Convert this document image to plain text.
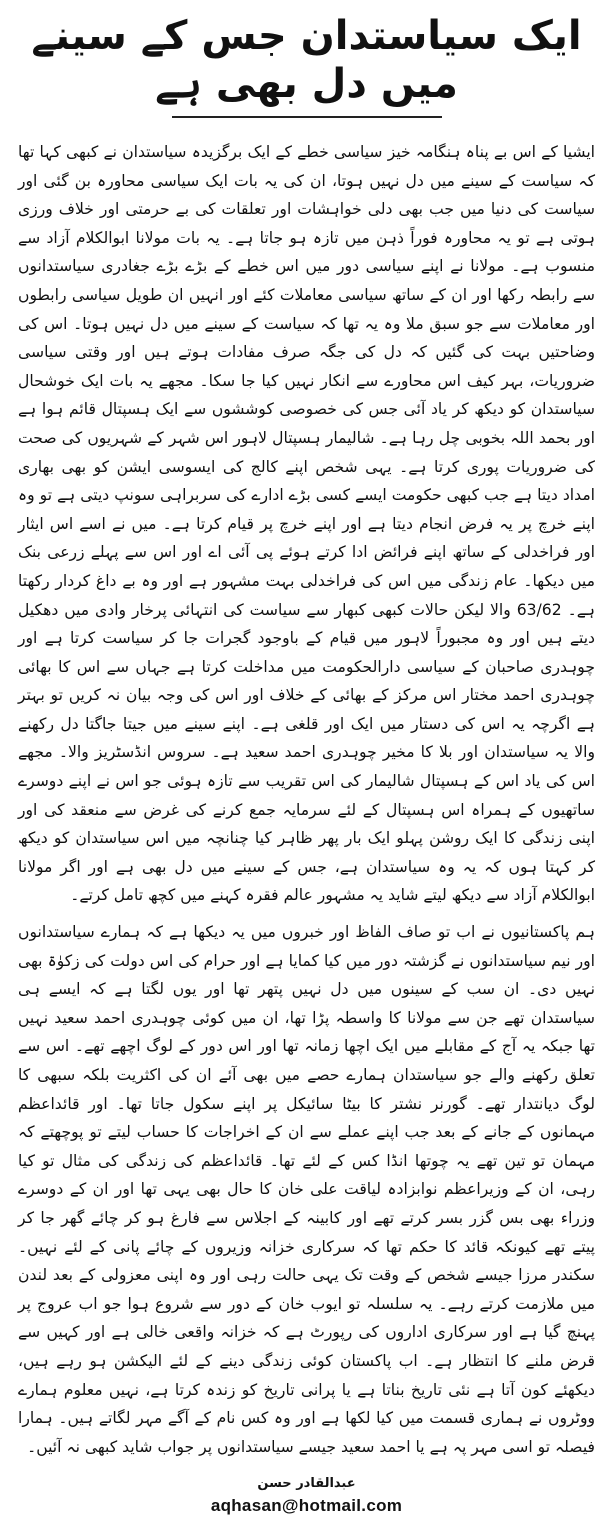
ایک سیاستدان جس کے سینے میں دل بھی ہے

ایشیا کے اس بے پناہ ہنگامہ خیز سیاسی خطے کے ایک برگزیدہ سیاستدان نے کبھی کہا تھا کہ سیاست کے سینے میں دل نہیں ہوتا، ان کی یہ بات ایک سیاسی محاورہ بن گئی اور سیاست کی دنیا میں جب بھی دلی خواہشات اور تعلقات کی بے حرمتی اور خلاف ورزی ہوتی ہے تو یہ محاورہ فوراً ذہن میں تازہ ہو جاتا ہے۔ یہ بات مولانا ابوالکلام آزاد سے منسوب ہے۔ مولانا نے اپنے سیاسی دور میں اس خطے کے بڑے بڑے جغادری سیاستدانوں سے رابطہ رکھا اور ان کے ساتھ سیاسی معاملات کئے اور انہیں ان طویل سیاسی رابطوں اور معاملات سے جو سبق ملا وہ یہ تھا کہ سیاست کے سینے میں دل نہیں ہوتا۔ اس کی وضاحتیں بہت کی گئیں کہ دل کی جگہ صرف مفادات ہوتے ہیں اور وقتی سیاسی ضروریات، بہر کیف اس محاورے سے انکار نہیں کیا جا سکا۔ مجھے یہ بات ایک خوشحال سیاستدان کو دیکھ کر یاد آئی جس کی خصوصی کوششوں سے ایک ہسپتال قائم ہوا ہے اور بحمد اللہ بخوبی چل رہا ہے۔ شالیمار ہسپتال لاہور اس شہر کے شہریوں کی صحت کی ضروریات پوری کرتا ہے۔ یہی شخص اپنے کالج کی ایسوسی ایشن کو بھی بھاری امداد دیتا ہے جب کبھی حکومت ایسے کسی بڑے ادارے کی سربراہی سونپ دیتی ہے تو وہ اپنے خرچ پر یہ فرض انجام دیتا ہے اور اپنے خرچ پر قیام کرتا ہے۔ میں نے اسے اس ایثار اور فراخدلی کے ساتھ اپنے فرائض ادا کرتے ہوئے پی آئی اے اور اس سے پہلے زرعی بنک میں دیکھا۔ عام زندگی میں اس کی فراخدلی بہت مشہور ہے اور وہ بے داغ کردار رکھتا ہے۔ 63/62 والا لیکن حالات کبھی کبھار سے سیاست کی انتہائی پرخار وادی میں دھکیل دیتے ہیں اور وہ مجبوراً لاہور میں قیام کے باوجود گجرات جا کر سیاست کرتا ہے اور چوہدری صاحبان کے سیاسی دارالحکومت میں مداخلت کرتا ہے جہاں سے اس کا بھائی چوہدری احمد مختار اس مرکز کے بھائی کے خلاف اور اس کی وجہ بیان نہ کریں تو بہتر ہے اگرچہ یہ اس کی دستار میں ایک اور قلغی ہے۔ اپنے سینے میں جیتا جاگتا دل رکھنے والا یہ سیاستدان اور بلا کا مخیر چوہدری احمد سعید ہے۔ سروس انڈسٹریز والا۔ مجھے اس کی یاد اس کے ہسپتال شالیمار کی اس تقریب سے تازہ ہوئی جو اس نے اپنے دوسرے ساتھیوں کے ہمراہ اس ہسپتال کے لئے سرمایہ جمع کرنے کی غرض سے منعقد کی اور اپنی زندگی کا ایک روشن پہلو ایک بار پھر ظاہر کیا چنانچہ میں اس سیاستدان کو دیکھ کر کہتا ہوں کہ یہ وہ سیاستدان ہے، جس کے سینے میں دل بھی ہے اور اگر مولانا ابوالکلام آزاد سے دیکھ لیتے شاید یہ مشہور عالم فقرہ کہنے میں کچھ تامل کرتے۔

ہم پاکستانیوں نے اب تو صاف الفاظ اور خبروں میں یہ دیکھا ہے کہ ہمارے سیاستدانوں اور نیم سیاستدانوں نے گزشتہ دور میں کیا کمایا ہے اور حرام کی اس دولت کی زکوٰۃ بھی نہیں دی۔ ان سب کے سینوں میں دل نہیں پتھر تھا اور یوں لگتا ہے کہ ایسے ہی سیاستدان تھے جن سے مولانا کا واسطہ پڑا تھا، ان میں کوئی چوہدری احمد سعید نہیں تھا جبکہ یہ آج کے مقابلے میں ایک اچھا زمانہ تھا اور اس دور کے لوگ اچھے تھے۔ اس سے تعلق رکھنے والے جو سیاستدان ہمارے حصے میں بھی آئے ان کی اکثریت بلکہ سبھی کا لوگ دیانتدار تھے۔ گورنر نشتر کا بیٹا سائیکل پر اپنے سکول جاتا تھا۔ اور قائداعظم مہمانوں کے جانے کے بعد جب اپنے عملے سے ان کے اخراجات کا حساب لیتے تو پوچھتے کہ مہمان تو تین تھے یہ چوتھا انڈا کس کے لئے تھا۔ قائداعظم کی زندگی کی مثال تو کیا رہی، ان کے وزیراعظم نوابزادہ لیاقت علی خان کا حال بھی یہی تھا اور ان کے دوسرے وزراء بھی بس گزر بسر کرتے تھے اور کابینہ کے اجلاس سے فارغ ہو کر چائے گھر جا کر پیتے تھے کیونکہ قائد کا حکم تھا کہ سرکاری خزانہ وزیروں کے چائے پانی کے لئے نہیں۔ سکندر مرزا جیسے شخص کے وقت تک یہی حالت رہی اور وہ اپنی معزولی کے بعد لندن میں ملازمت کرتے رہے۔ یہ سلسلہ تو ایوب خان کے دور سے شروع ہوا جو اب عروج پر پہنچ گیا ہے اور سرکاری اداروں کی رپورٹ ہے کہ خزانہ واقعی خالی ہے اور کہیں سے قرض ملنے کا انتظار ہے۔ اب پاکستان کوئی زندگی دینے کے لئے الیکشن ہو رہے ہیں، دیکھئے کون آتا ہے نئی تاریخ بناتا ہے یا پرانی تاریخ کو زندہ کرتا ہے، نہیں معلوم ہمارے ووٹروں نے ہماری قسمت میں کیا لکھا ہے اور وہ کس نام کے آگے مہر لگاتے ہیں۔ ہمارا فیصلہ تو اسی مہر پہ ہے یا احمد سعید جیسے سیاستدانوں پر جواب شاید کبھی نہ آئیں۔

عبدالقادر حسن
aqhasan@hotmail.com
